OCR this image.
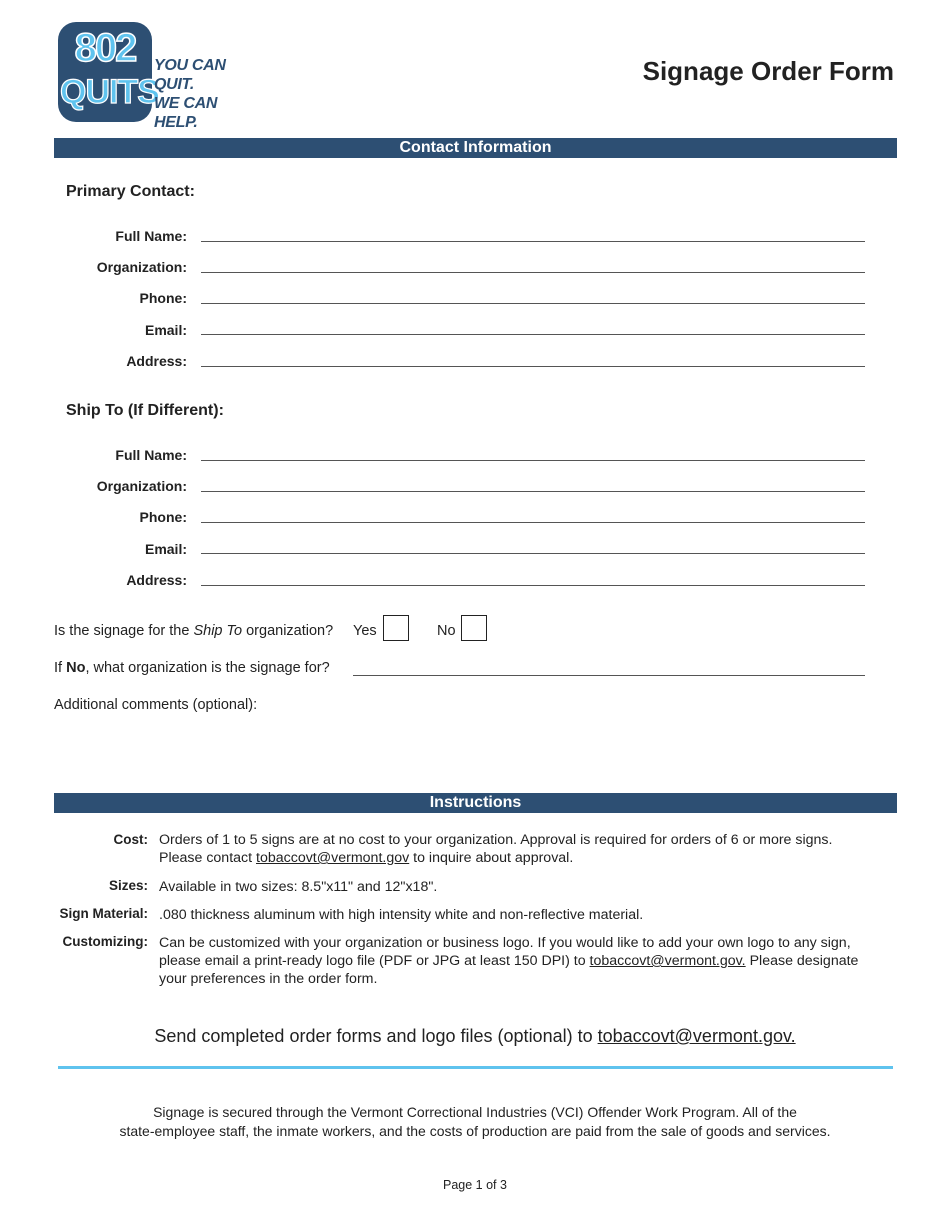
802
QUITS
YOU CAN QUIT.
WE CAN HELP.
Signage Order Form
Contact Information
Primary Contact:
Full Name:
Organization:
Phone:
Email:
Address:
Ship To (If Different):
Full Name:
Organization:
Phone:
Email:
Address:
Is the signage for the Ship To organization? Yes	No
If No, what organization is the signage for?
Additional comments (optional):
Instructions
Cost: Orders of 1 to 5 signs are at no cost to your organization. Approval is required for orders of 6 or more signs.
Please contact tobaccovt@vermont.gov to inquire about approval.
Sizes: Available in two sizes: 8.5"x11" and 12"x18".
Sign Material: .080 thickness aluminum with high intensity white and non-reflective material.
Customizing: Can be customized with your organization or business logo. If you would like to add your own logo to any sign,
please email a print-ready logo file (PDF or JPG at least 150 DPI) to tobaccovt@vermont.gov. Please designate
your preferences in the order form.
Send completed order forms and logo files (optional) to tobaccovt@vermont.gov.
Signage is secured through the Vermont Correctional Industries (VCI) Offender Work Program. All of the
state-employee staff, the inmate workers, and the costs of production are paid from the sale of goods and services.
Page 1 of 3
